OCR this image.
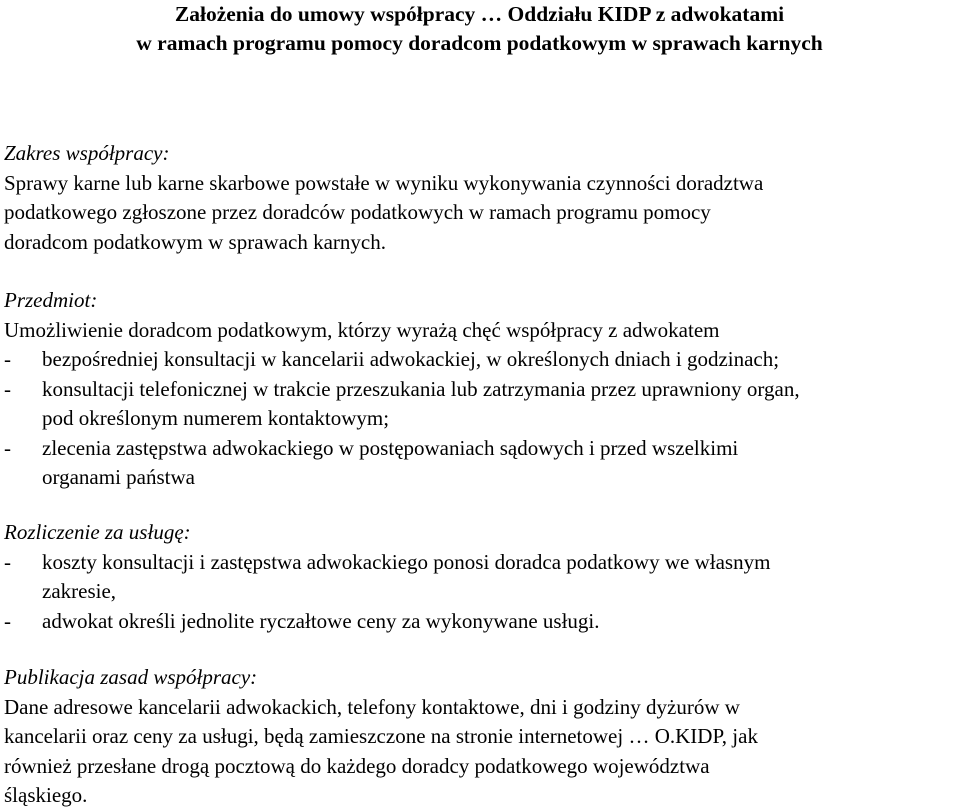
Założenia do umowy współpracy … Oddziału KIDP z adwokatami
w ramach programu pomocy doradcom podatkowym w sprawach karnych
Zakres współpracy:
Sprawy karne lub karne skarbowe powstałe w wyniku wykonywania czynności doradztwa
podatkowego zgłoszone przez doradców podatkowych w ramach programu pomocy
doradcom podatkowym w sprawach karnych.
Przedmiot:
Umożliwienie doradcom podatkowym, którzy wyrażą chęć współpracy z adwokatem
-	bezpośredniej konsultacji w kancelarii adwokackiej, w określonych dniach i godzinach;
-	konsultacji telefonicznej w trakcie przeszukania lub zatrzymania przez uprawniony organ,
pod określonym numerem kontaktowym;
-	zlecenia zastępstwa adwokackiego w postępowaniach sądowych i przed wszelkimi
organami państwa
Rozliczenie za usługę:
-	koszty konsultacji i zastępstwa adwokackiego ponosi doradca podatkowy we własnym
zakresie,
-	adwokat określi jednolite ryczałtowe ceny za wykonywane usługi.
Publikacja zasad współpracy:
Dane adresowe kancelarii adwokackich, telefony kontaktowe, dni i godziny dyżurów w
kancelarii oraz ceny za usługi, będą zamieszczone na stronie internetowej … O.KIDP, jak
również przesłane drogą pocztową do każdego doradcy podatkowego województwa
śląskiego.
